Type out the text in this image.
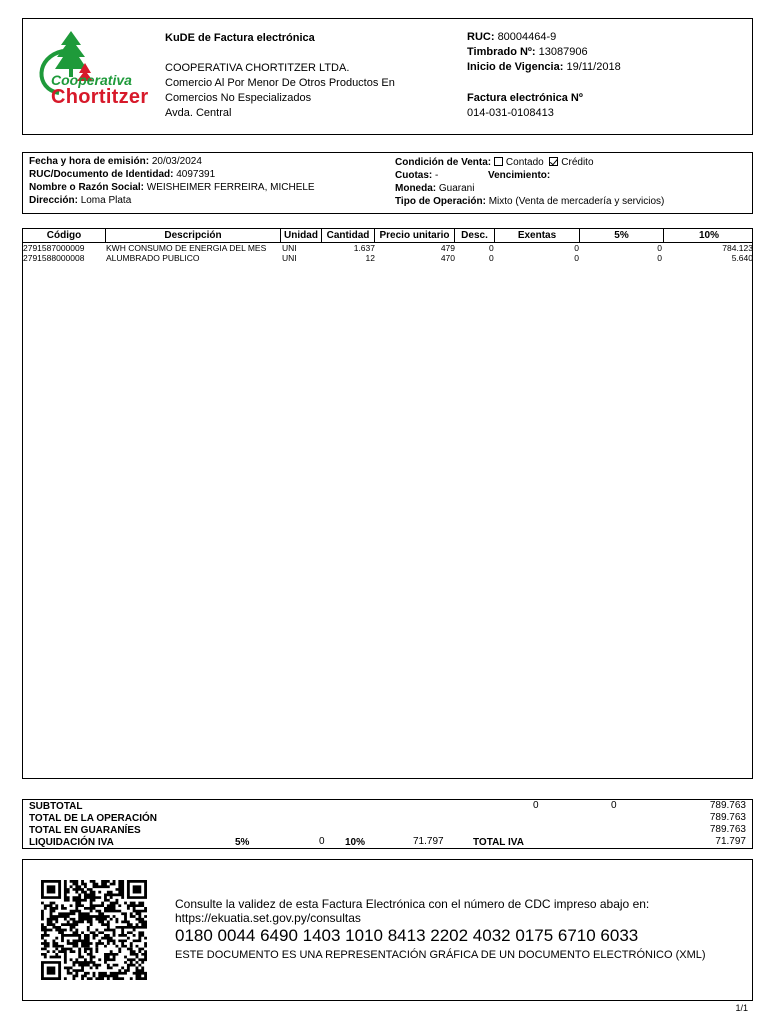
Cooperativa
Chortitzer
KuDE de Factura electrónica
COOPERATIVA CHORTITZER LTDA.
Comercio Al Por Menor De Otros Productos En
Comercios No Especializados
Avda. Central
RUC: 80004464-9
Timbrado Nº: 13087906
Inicio de Vigencia: 19/11/2018
Factura electrónica Nº
014-031-0108413
Fecha y hora de emisión: 20/03/2024
RUC/Documento de Identidad: 4097391
Nombre o Razón Social: WEISHEIMER FERREIRA, MICHELE
Dirección: Loma Plata
Condición de Venta: Contado Crédito
Cuotas: -	Vencimiento:
Moneda: Guarani
Tipo de Operación: Mixto (Venta de mercadería y servicios)
Código	Descripción	Unidad Cantidad	Precio unitario	Desc.	Exentas	5%	10%
2791587000009	KWH CONSUMO DE ENERGIA DEL MES	UNI	1.637	479	0	0	0	784.123
2791588000008	ALUMBRADO PUBLICO	UNI	12	470	0	0	0	5.640
SUBTOTAL	0	0	789.763
TOTAL DE LA OPERACIÓN	789.763
TOTAL EN GUARANÍES	789.763
LIQUIDACIÓN IVA	5%	0 10%	71.797	TOTAL IVA	71.797
Consulte la validez de esta Factura Electrónica con el número de CDC impreso abajo en:
https://ekuatia.set.gov.py/consultas
0180 0044 6490 1403 1010 8413 2202 4032 0175 6710 6033
ESTE DOCUMENTO ES UNA REPRESENTACIÓN GRÁFICA DE UN DOCUMENTO ELECTRÓNICO (XML)
1/1
